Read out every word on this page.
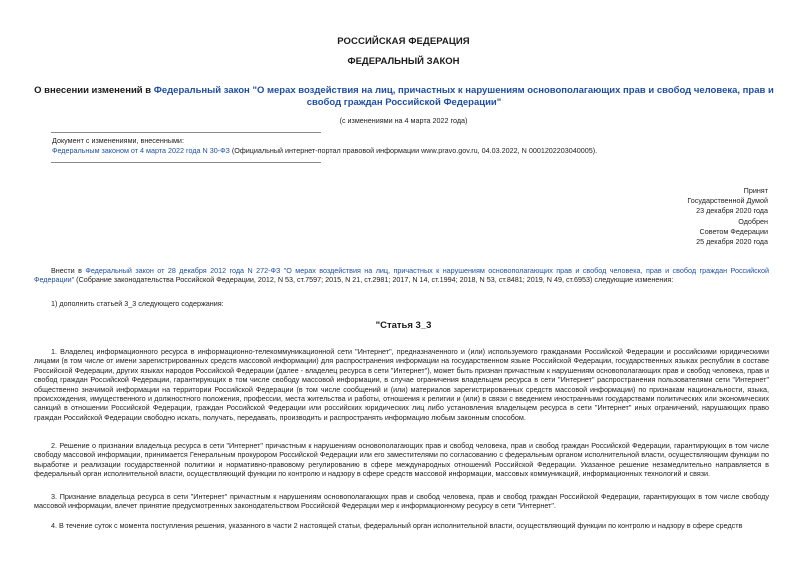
РОССИЙСКАЯ ФЕДЕРАЦИЯ
ФЕДЕРАЛЬНЫЙ ЗАКОН
О внесении изменений в Федеральный закон "О мерах воздействия на лиц, причастных к нарушениям основополагающих прав и свобод человека, прав и свобод граждан Российской Федерации"
(с изменениями на 4 марта 2022 года)
Документ с изменениями, внесенными:
Федеральным законом от 4 марта 2022 года N 30-ФЗ (Официальный интернет-портал правовой информации www.pravo.gov.ru, 04.03.2022, N 0001202203040005).
Принят
Государственной Думой
23 декабря 2020 года
Одобрен
Советом Федерации
25 декабря 2020 года
Внести в Федеральный закон от 28 декабря 2012 года N 272-ФЗ "О мерах воздействия на лиц, причастных к нарушениям основополагающих прав и свобод человека, прав и свобод граждан Российской Федерации" (Собрание законодательства Российской Федерации, 2012, N 53, ст.7597; 2015, N 21, ст.2981; 2017, N 14, ст.1994; 2018, N 53, ст.8481; 2019, N 49, ст.6953) следующие изменения:
1) дополнить статьей 3_3 следующего содержания:
"Статья 3_3
1. Владелец информационного ресурса в информационно-телекоммуникационной сети "Интернет", предназначенного и (или) используемого гражданами Российской Федерации и российскими юридическими лицами (в том числе от имени зарегистрированных средств массовой информации) для распространения информации на государственном языке Российской Федерации, государственных языках республик в составе Российской Федерации, других языках народов Российской Федерации (далее - владелец ресурса в сети "Интернет"), может быть признан причастным к нарушениям основополагающих прав и свобод человека, прав и свобод граждан Российской Федерации, гарантирующих в том числе свободу массовой информации, в случае ограничения владельцем ресурса в сети "Интернет" распространения пользователями сети "Интернет" общественно значимой информации на территории Российской Федерации (в том числе сообщений и (или) материалов зарегистрированных средств массовой информации) по признакам национальности, языка, происхождения, имущественного и должностного положения, профессии, места жительства и работы, отношения к религии и (или) в связи с введением иностранными государствами политических или экономических санкций в отношении Российской Федерации, граждан Российской Федерации или российских юридических лиц либо установления владельцем ресурса в сети "Интернет" иных ограничений, нарушающих право граждан Российской Федерации свободно искать, получать, передавать, производить и распространять информацию любым законным способом.
2. Решение о признании владельца ресурса в сети "Интернет" причастным к нарушениям основополагающих прав и свобод человека, прав и свобод граждан Российской Федерации, гарантирующих в том числе свободу массовой информации, принимается Генеральным прокурором Российской Федерации или его заместителями по согласованию с федеральным органом исполнительной власти, осуществляющим функции по выработке и реализации государственной политики и нормативно-правовому регулированию в сфере международных отношений Российской Федерации. Указанное решение незамедлительно направляется в федеральный орган исполнительной власти, осуществляющий функции по контролю и надзору в сфере средств массовой информации, массовых коммуникаций, информационных технологий и связи.
3. Признание владельца ресурса в сети "Интернет" причастным к нарушениям основополагающих прав и свобод человека, прав и свобод граждан Российской Федерации, гарантирующих в том числе свободу массовой информации, влечет принятие предусмотренных законодательством Российской Федерации мер к информационному ресурсу в сети "Интернет".
4. В течение суток с момента поступления решения, указанного в части 2 настоящей статьи, федеральный орган исполнительной власти, осуществляющий функции по контролю и надзору в сфере средств
